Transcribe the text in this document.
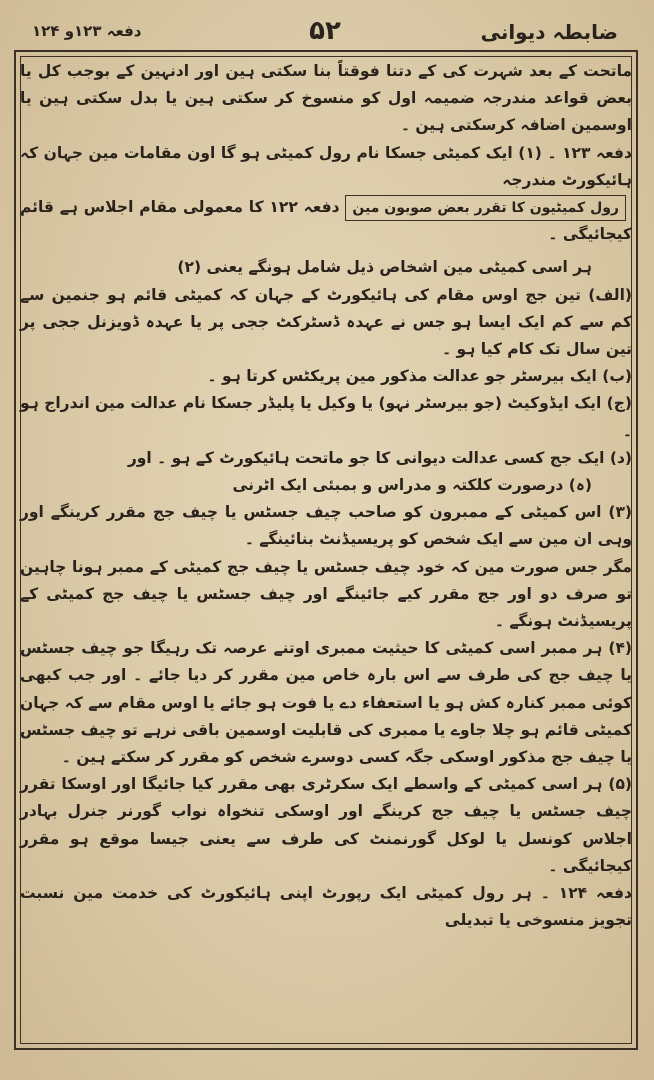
ضابطہ دیوانی
۵۲
دفعہ ۱۲۳و ۱۲۴

ماتحت کے بعد شہرت کی کے دتنا فوقتاً بنا سکتی ہین اور ادنہین کے بوجب کل یا بعض قواعد مندرجہ ضمیمہ اول کو منسوخ کر سکتی ہین یا بدل سکتی ہین یا اوسمین اضافہ کرسکتی ہین ۔

دفعہ ۱۲۳ ۔ (۱) ایک کمیٹی جسکا نام رول کمیٹی ہو گا اون مقامات مین جہان کہ ہائیکورٹ مندرجہ

رول کمیٹیون کا تقرر بعض صوبون مین دفعہ ۱۲۲ کا معمولی مقام اجلاس ہے قائم کیجائیگی ۔

ہر اسی کمیٹی مین اشخاص ذیل شامل ہونگے یعنی (۲)

(الف) تین جج اوس مقام کی ہائیکورٹ کے جہان کہ کمیٹی قائم ہو جنمین سے کم سے کم ایک ایسا ہو جس نے عہدہ ڈسٹرکٹ ججی پر یا عہدہ ڈویزنل ججی پر تین سال تک کام کیا ہو ۔

(ب) ایک بیرسٹر جو عدالت مذکور مین پریکٹس کرتا ہو ۔

(ج) ایک ایڈوکیٹ (جو بیرسٹر نہو) یا وکیل یا پلیڈر جسکا نام عدالت مین اندراج ہو ۔

(د) ایک جج کسی عدالت دیوانی کا جو ماتحت ہائیکورٹ کے ہو ۔ اور

(ہ) درصورت کلکتہ و مدراس و بمبئی ایک اٹرنی

(۳) اس کمیٹی کے ممبرون کو صاحب چیف جسٹس یا چیف جج مقرر کرینگے اور وہی ان مین سے ایک شخص کو پریسیڈنٹ بنائینگے ۔

مگر جس صورت مین کہ خود چیف جسٹس یا چیف جج کمیٹی کے ممبر ہونا چاہین تو صرف دو اور جج مقرر کیے جائینگے اور چیف جسٹس یا چیف جج کمیٹی کے پریسیڈنٹ ہونگے ۔

(۴) ہر ممبر اسی کمیٹی کا حیثیت ممبری اوتنے عرصہ تک رہیگا جو چیف جسٹس یا چیف جج کی طرف سے اس بارہ خاص مین مقرر کر دیا جائے ۔ اور جب کبھی کوئی ممبر کنارہ کش ہو یا استعفاء دے یا فوت ہو جائے یا اوس مقام سے کہ جہان کمیٹی قائم ہو چلا جاوے یا ممبری کی قابلیت اوسمین باقی نرہے تو چیف جسٹس یا چیف جج مذکور اوسکی جگہ کسی دوسرے شخص کو مقرر کر سکتے ہین ۔

(۵) ہر اسی کمیٹی کے واسطے ایک سکرٹری بھی مقرر کیا جائیگا اور اوسکا تقرر چیف جسٹس یا چیف جج کرینگے اور اوسکی تنخواہ نواب گورنر جنرل بہادر اجلاس کونسل یا لوکل گورنمنٹ کی طرف سے یعنی جیسا موقع ہو مقرر کیجائیگی ۔

دفعہ ۱۲۴ ۔ ہر رول کمیٹی ایک رپورٹ اپنی ہائیکورٹ کی خدمت مین نسبت تجویز منسوخی یا تبدیلی
